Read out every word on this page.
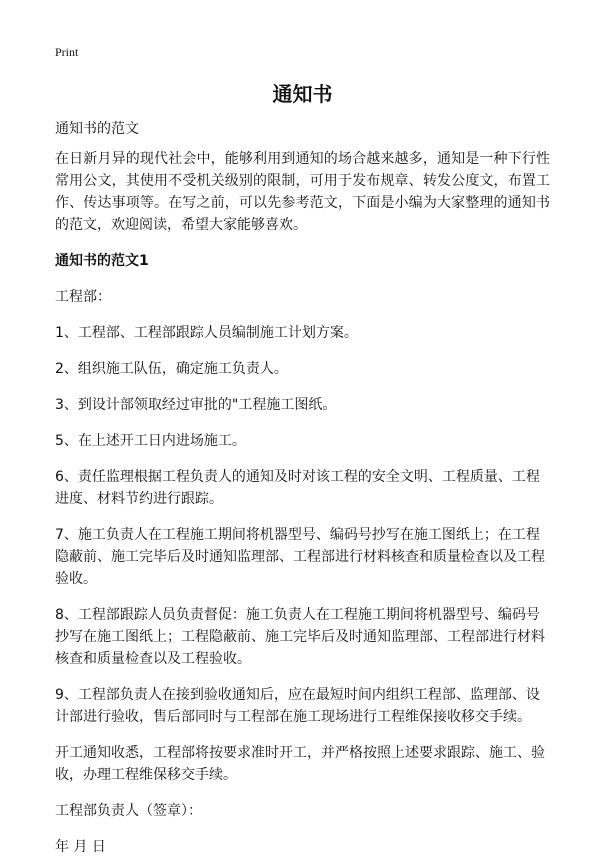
Print
通知书
通知书的范文
在日新月异的现代社会中，能够利用到通知的场合越来越多，通知是一种下行性常用公文，其使用不受机关级别的限制，可用于发布规章、转发公度文，布置工作、传达事项等。在写之前，可以先参考范文，下面是小编为大家整理的通知书的范文，欢迎阅读，希望大家能够喜欢。
通知书的范文1
工程部：
1、工程部、工程部跟踪人员编制施工计划方案。
2、组织施工队伍，确定施工负责人。
3、到设计部领取经过审批的"工程施工图纸。
5、在上述开工日内进场施工。
6、责任监理根据工程负责人的通知及时对该工程的安全文明、工程质量、工程进度、材料节约进行跟踪。
7、施工负责人在工程施工期间将机器型号、编码号抄写在施工图纸上；在工程隐蔽前、施工完毕后及时通知监理部、工程部进行材料核查和质量检查以及工程验收。
8、工程部跟踪人员负责督促：施工负责人在工程施工期间将机器型号、编码号抄写在施工图纸上；工程隐蔽前、施工完毕后及时通知监理部、工程部进行材料核查和质量检查以及工程验收。
9、工程部负责人在接到验收通知后，应在最短时间内组织工程部、监理部、设计部进行验收，售后部同时与工程部在施工现场进行工程维保接收移交手续。
开工通知收悉，工程部将按要求准时开工，并严格按照上述要求跟踪、施工、验收，办理工程维保移交手续。
工程部负责人（签章）：
年 月 日
